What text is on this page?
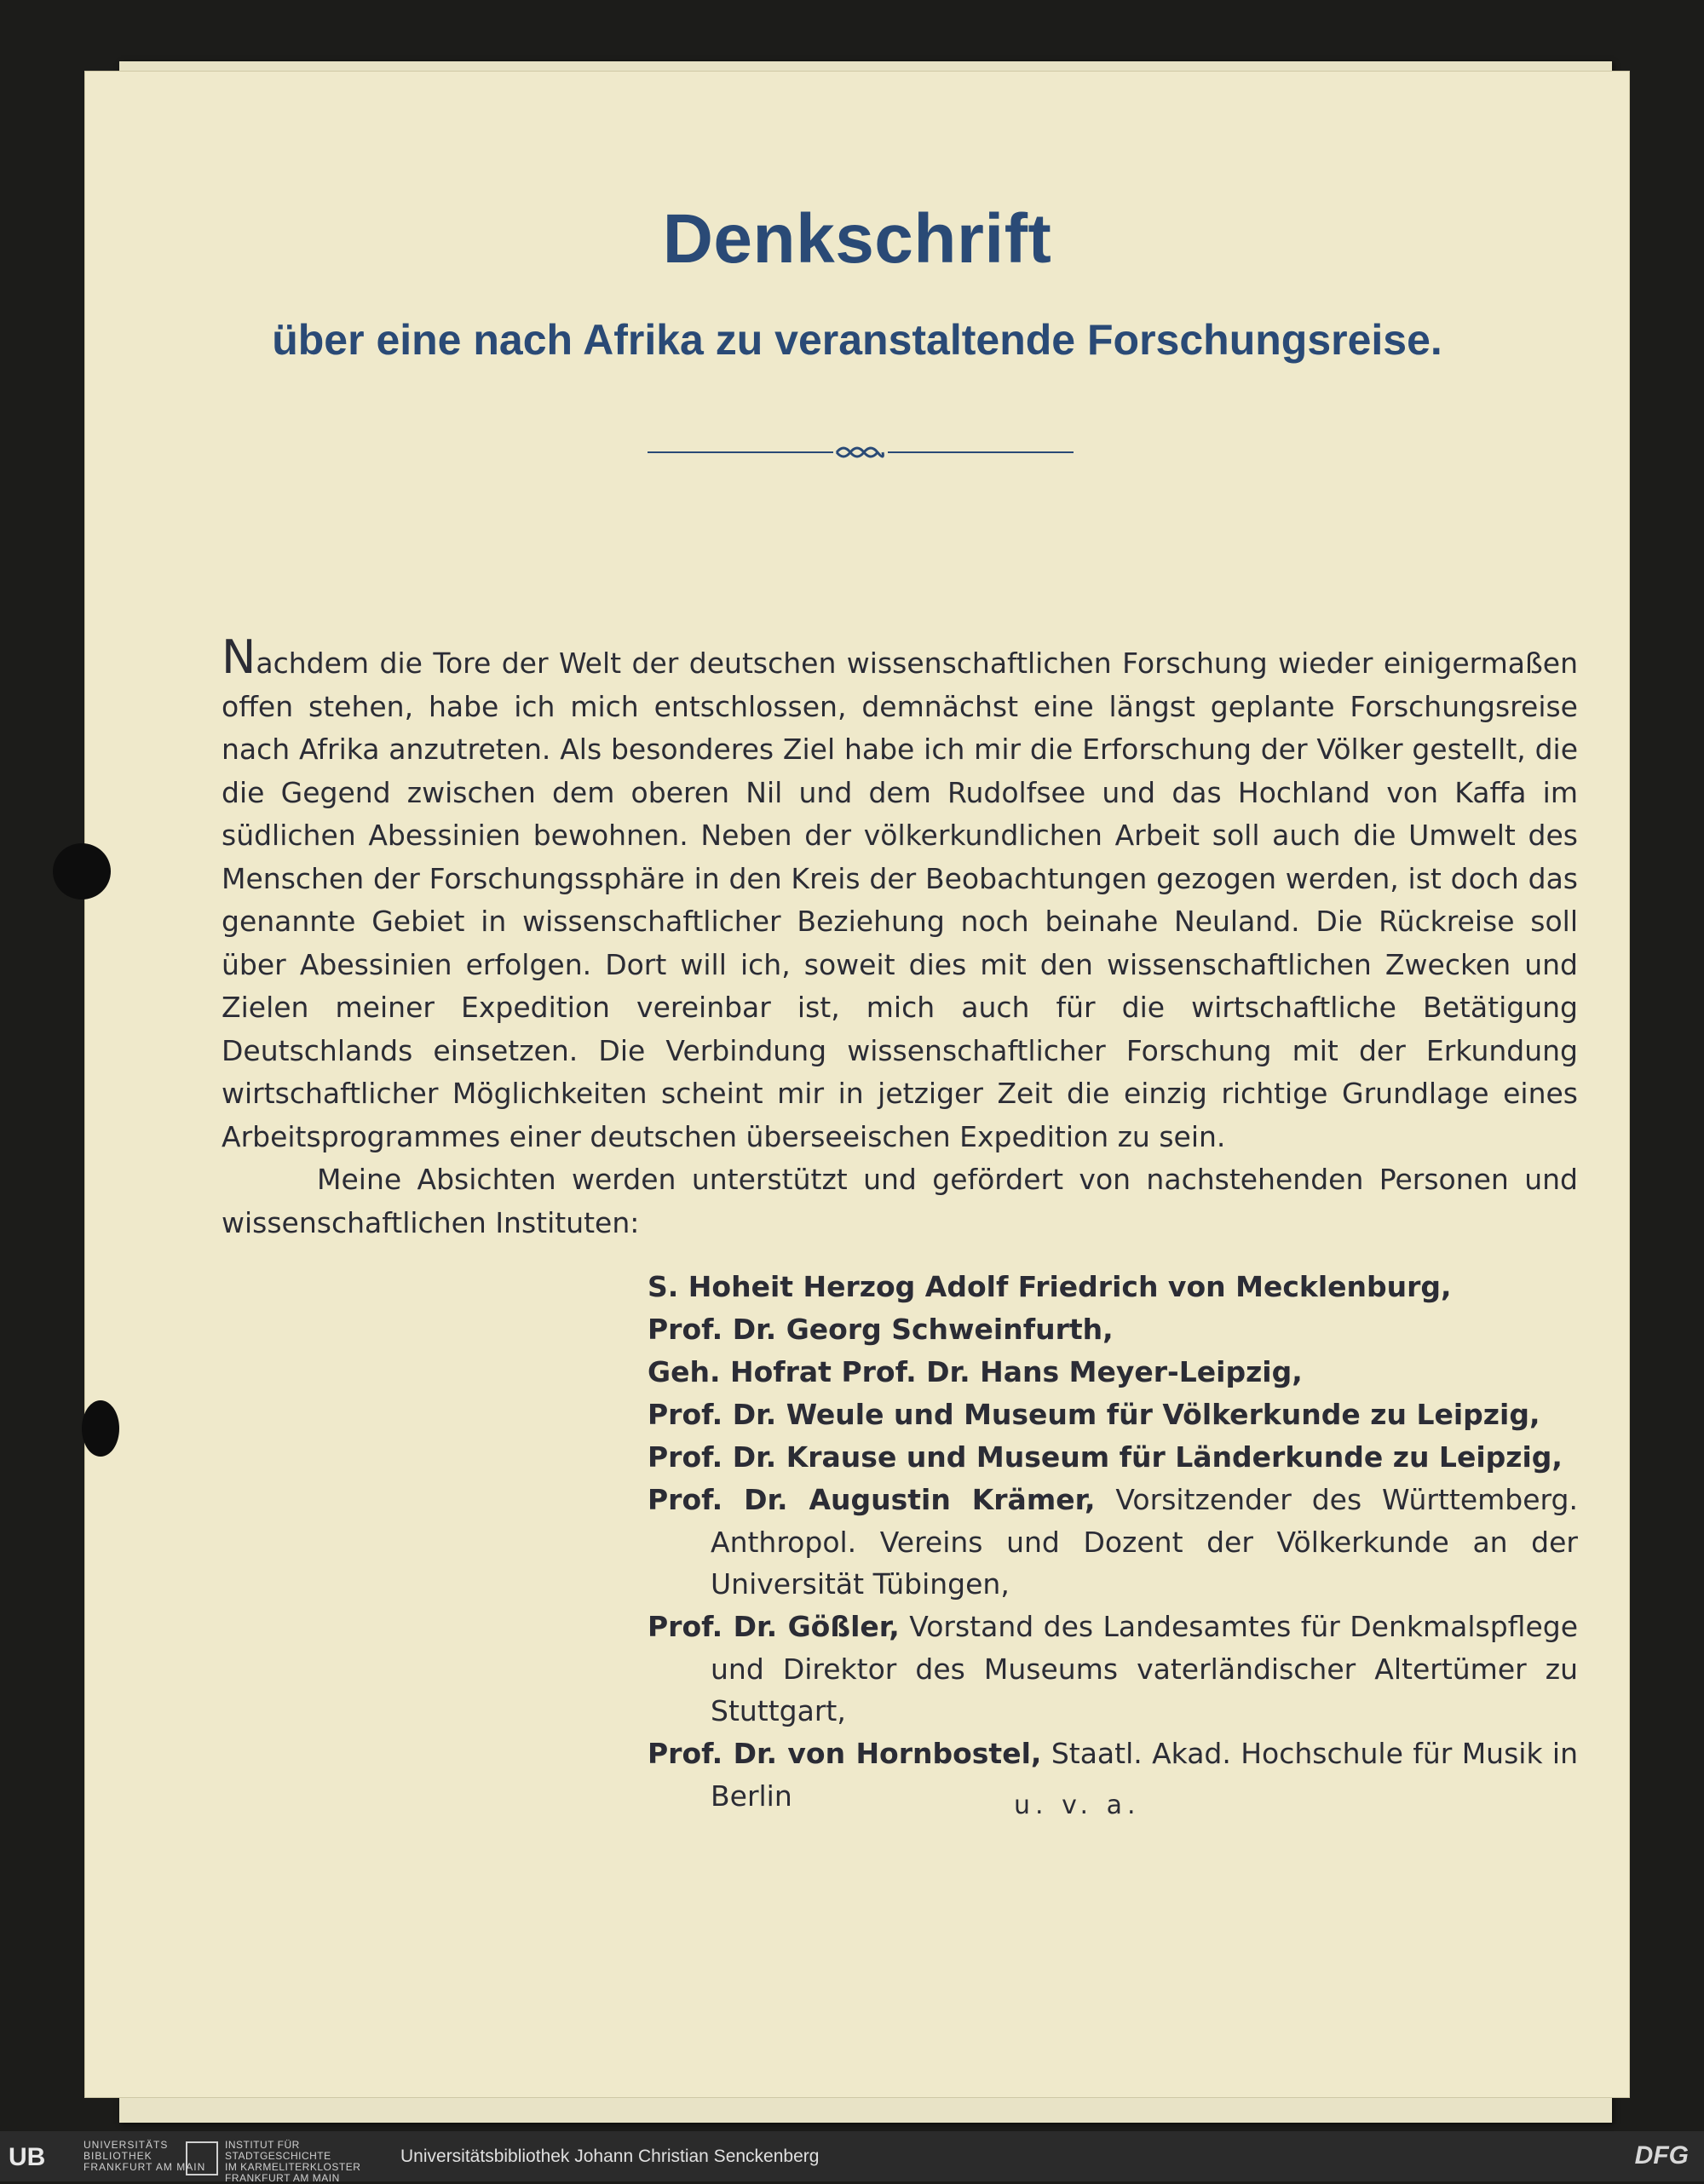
Denkschrift
über eine nach Afrika zu veranstaltende Forschungsreise.

Nachdem die Tore der Welt der deutschen wissenschaftlichen Forschung wieder einigermaßen offen stehen, habe ich mich entschlossen, demnächst eine längst geplante Forschungsreise nach Afrika anzutreten. Als besonderes Ziel habe ich mir die Erforschung der Völker gestellt, die die Gegend zwischen dem oberen Nil und dem Rudolfsee und das Hochland von Kaffa im südlichen Abessinien bewohnen. Neben der völkerkundlichen Arbeit soll auch die Umwelt des Menschen der Forschungssphäre in den Kreis der Beobachtungen gezogen werden, ist doch das genannte Gebiet in wissenschaftlicher Beziehung noch beinahe Neuland. Die Rückreise soll über Abessinien erfolgen. Dort will ich, soweit dies mit den wissenschaftlichen Zwecken und Zielen meiner Expedition vereinbar ist, mich auch für die wirtschaftliche Betätigung Deutschlands einsetzen. Die Verbindung wissenschaftlicher Forschung mit der Erkundung wirtschaftlicher Möglichkeiten scheint mir in jetziger Zeit die einzig richtige Grundlage eines Arbeitsprogrammes einer deutschen überseeischen Expedition zu sein.

Meine Absichten werden unterstützt und gefördert von nachstehenden Personen und wissenschaftlichen Instituten:

S. Hoheit Herzog Adolf Friedrich von Mecklenburg,
Prof. Dr. Georg Schweinfurth,
Geh. Hofrat Prof. Dr. Hans Meyer-Leipzig,
Prof. Dr. Weule und Museum für Völkerkunde zu Leipzig,
Prof. Dr. Krause und Museum für Länderkunde zu Leipzig,
Prof. Dr. Augustin Krämer, Vorsitzender des Württemberg. Anthropol. Vereins und Dozent der Völkerkunde an der Universität Tübingen,
Prof. Dr. Gößler, Vorstand des Landesamtes für Denkmalspflege und Direktor des Museums vaterländischer Altertümer zu Stuttgart,
Prof. Dr. von Hornbostel, Staatl. Akad. Hochschule für Musik in Berlin	u. v. a.
UB	UNIVERSITÄTS
BIBLIOTHEK
FRANKFURT AM MAIN
INSTITUT FÜR
STADTGESCHICHTE
IM KARMELITERKLOSTER
FRANKFURT AM MAIN
Universitätsbibliothek Johann Christian Senckenberg	DFG
